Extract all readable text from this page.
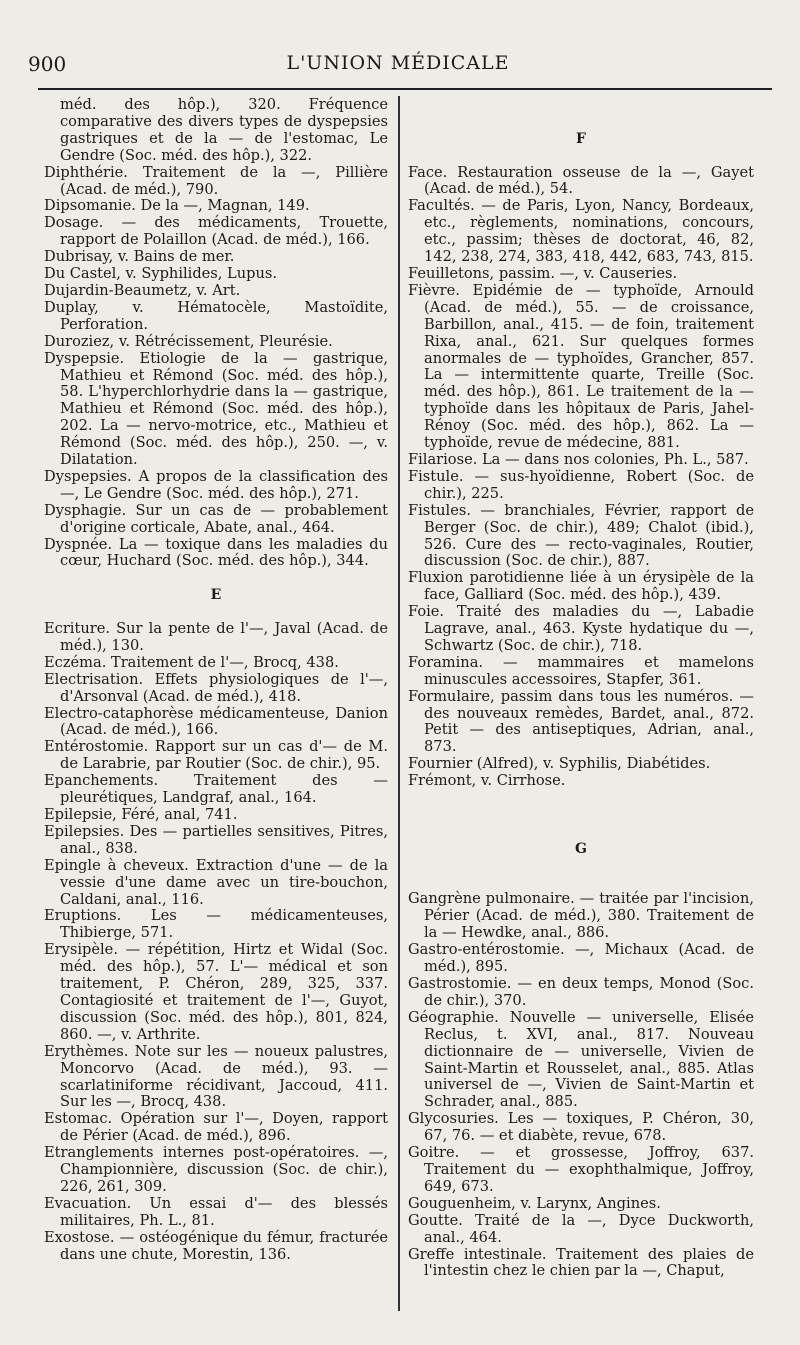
900	L'UNION MÉDICALE

méd. des hôp.), 320. Fréquence comparative des divers types de dyspepsies gastriques et de la — de l'estomac, Le Gendre (Soc. méd. des hôp.), 322.

Diphthérie. Traitement de la —, Pillière (Acad. de méd.), 790.

Dipsomanie. De la —, Magnan, 149.

Dosage. — des médicaments, Trouette, rapport de Polaillon (Acad. de méd.), 166.

Dubrisay, v. Bains de mer.

Du Castel, v. Syphilides, Lupus.

Dujardin-Beaumetz, v. Art.

Duplay, v. Hématocèle, Mastoïdite, Perforation.

Duroziez, v. Rétrécissement, Pleurésie.

Dyspepsie. Etiologie de la — gastrique, Mathieu et Rémond (Soc. méd. des hôp.), 58. L'hyperchlorhydrie dans la — gastrique, Mathieu et Rémond (Soc. méd. des hôp.), 202. La — nervo-motrice, etc., Mathieu et Rémond (Soc. méd. des hôp.), 250. —, v. Dilatation.

Dyspepsies. A propos de la classification des —, Le Gendre (Soc. méd. des hôp.), 271.

Dysphagie. Sur un cas de — probablement d'origine corticale, Abate, anal., 464.

Dyspnée. La — toxique dans les maladies du cœur, Huchard (Soc. méd. des hôp.), 344.

E

Ecriture. Sur la pente de l'—, Javal (Acad. de méd.), 130.

Eczéma. Traitement de l'—, Brocq, 438.

Electrisation. Effets physiologiques de l'—, d'Arsonval (Acad. de méd.), 418.

Electro-cataphorèse médicamenteuse, Danion (Acad. de méd.), 166.

Entérostomie. Rapport sur un cas d'— de M. de Larabrie, par Routier (Soc. de chir.), 95.

Epanchements. Traitement des — pleurétiques, Landgraf, anal., 164.

Epilepsie, Féré, anal, 741.

Epilepsies. Des — partielles sensitives, Pitres, anal., 838.

Epingle à cheveux. Extraction d'une — de la vessie d'une dame avec un tire-bouchon, Caldani, anal., 116.

Eruptions. Les — médicamenteuses, Thibierge, 571.

Erysipèle. — répétition, Hirtz et Widal (Soc. méd. des hôp.), 57. L'— médical et son traitement, P. Chéron, 289, 325, 337. Contagiosité et traitement de l'—, Guyot, discussion (Soc. méd. des hôp.), 801, 824, 860. —, v. Arthrite.

Erythèmes. Note sur les — noueux palustres, Moncorvo (Acad. de méd.), 93. — scarlatiniforme récidivant, Jaccoud, 411. Sur les —, Brocq, 438.

Estomac. Opération sur l'—, Doyen, rapport de Périer (Acad. de méd.), 896.

Etranglements internes post-opératoires. —, Championnière, discussion (Soc. de chir.), 226, 261, 309.

Evacuation. Un essai d'— des blessés militaires, Ph. L., 81.

Exostose. — ostéogénique du fémur, fracturée dans une chute, Morestin, 136.

F

Face. Restauration osseuse de la —, Gayet (Acad. de méd.), 54.

Facultés. — de Paris, Lyon, Nancy, Bordeaux, etc., règlements, nominations, concours, etc., passim; thèses de doctorat, 46, 82, 142, 238, 274, 383, 418, 442, 683, 743, 815.

Feuilletons, passim. —, v. Causeries.

Fièvre. Epidémie de — typhoïde, Arnould (Acad. de méd.), 55. — de croissance, Barbillon, anal., 415. — de foin, traitement Rixa, anal., 621. Sur quelques formes anormales de — typhoïdes, Grancher, 857. La — intermittente quarte, Treille (Soc. méd. des hôp.), 861. Le traitement de la — typhoïde dans les hôpitaux de Paris, Jahel-Rénoy (Soc. méd. des hôp.), 862. La — typhoïde, revue de médecine, 881.

Filariose. La — dans nos colonies, Ph. L., 587.

Fistule. — sus-hyoïdienne, Robert (Soc. de chir.), 225.

Fistules. — branchiales, Février, rapport de Berger (Soc. de chir.), 489; Chalot (ibid.), 526. Cure des — recto-vaginales, Routier, discussion (Soc. de chir.), 887.

Fluxion parotidienne liée à un érysipèle de la face, Galliard (Soc. méd. des hôp.), 439.

Foie. Traité des maladies du —, Labadie Lagrave, anal., 463. Kyste hydatique du —, Schwartz (Soc. de chir.), 718.

Foramina. — mammaires et mamelons minuscules accessoires, Stapfer, 361.

Formulaire, passim dans tous les numéros. — des nouveaux remèdes, Bardet, anal., 872. Petit — des antiseptiques, Adrian, anal., 873.

Fournier (Alfred), v. Syphilis, Diabétides.

Frémont, v. Cirrhose.

G

Gangrène pulmonaire. — traitée par l'incision, Périer (Acad. de méd.), 380. Traitement de la — Hewdke, anal., 886.

Gastro-entérostomie. —, Michaux (Acad. de méd.), 895.

Gastrostomie. — en deux temps, Monod (Soc. de chir.), 370.

Géographie. Nouvelle — universelle, Elisée Reclus, t. XVI, anal., 817. Nouveau dictionnaire de — universelle, Vivien de Saint-Martin et Rousselet, anal., 885. Atlas universel de —, Vivien de Saint-Martin et Schrader, anal., 885.

Glycosuries. Les — toxiques, P. Chéron, 30, 67, 76. — et diabète, revue, 678.

Goitre. — et grossesse, Joffroy, 637. Traitement du — exophthalmique, Joffroy, 649, 673.

Gouguenheim, v. Larynx, Angines.

Goutte. Traité de la —, Dyce Duckworth, anal., 464.

Greffe intestinale. Traitement des plaies de l'intestin chez le chien par la —, Chaput,
